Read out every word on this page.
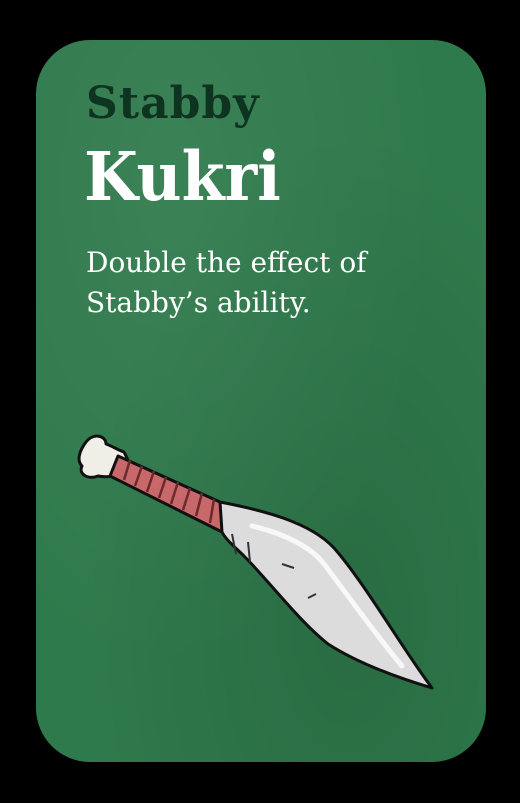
Stabby
Kukri

Double the effect of Stabby’s ability.
